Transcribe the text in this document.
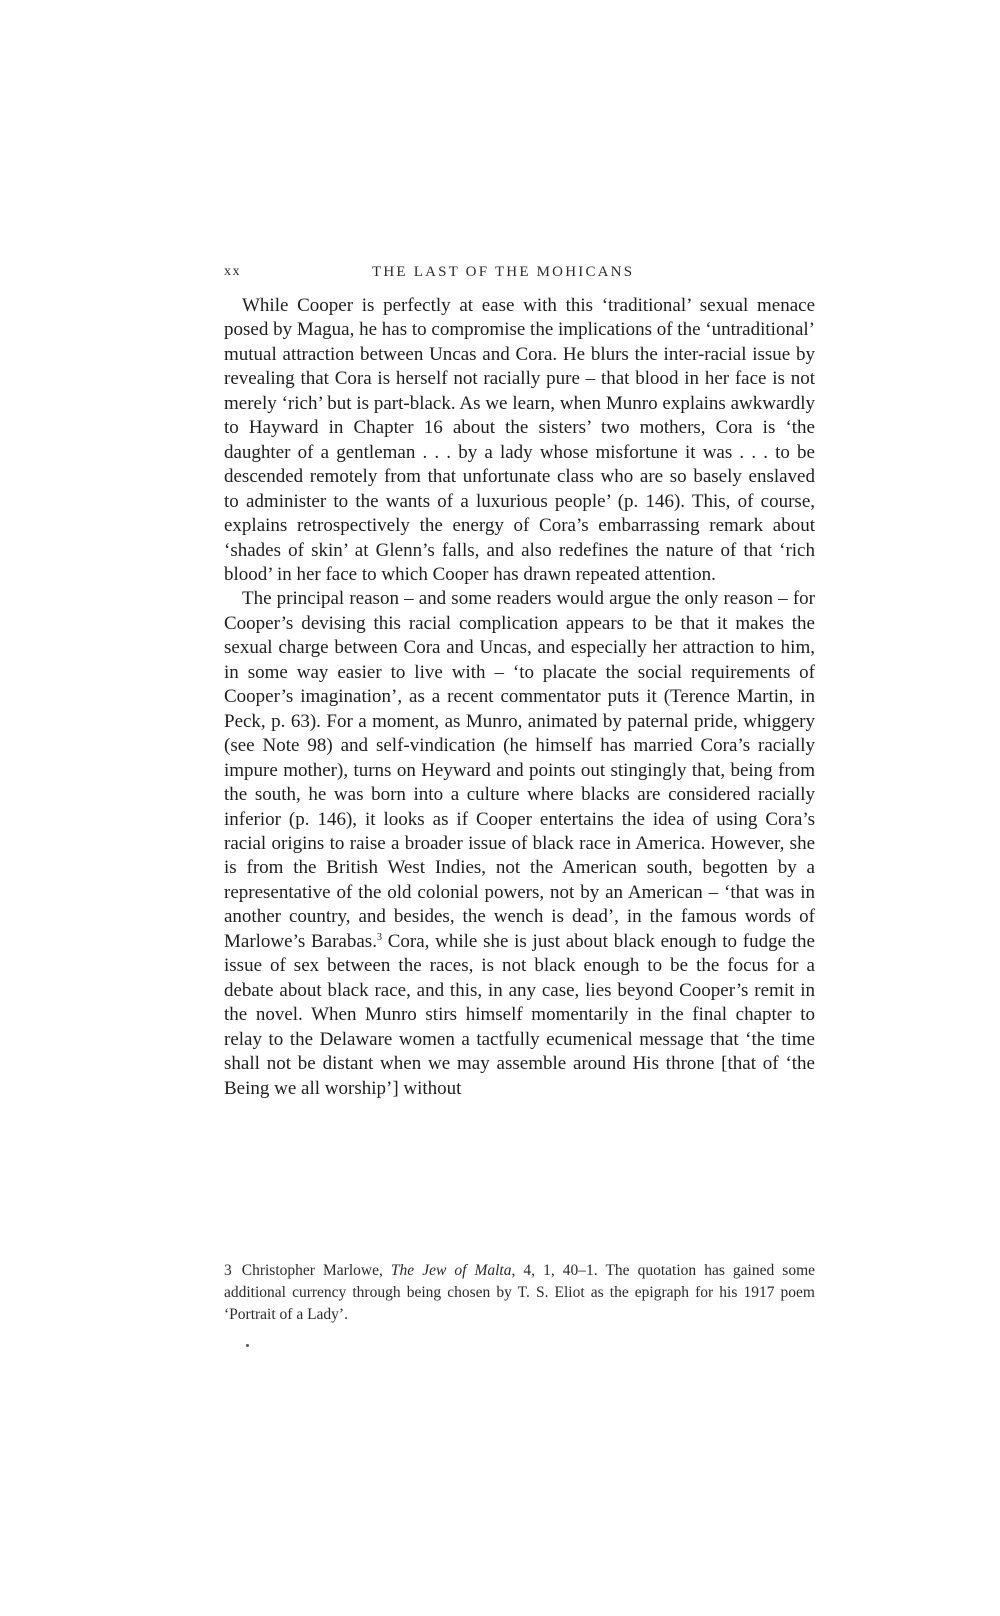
xx	THE LAST OF THE MOHICANS

While Cooper is perfectly at ease with this ‘traditional’ sexual menace posed by Magua, he has to compromise the implications of the ‘untraditional’ mutual attraction between Uncas and Cora. He blurs the inter-racial issue by revealing that Cora is herself not racially pure – that blood in her face is not merely ‘rich’ but is part-black. As we learn, when Munro explains awkwardly to Hayward in Chapter 16 about the sisters’ two mothers, Cora is ‘the daughter of a gentleman . . . by a lady whose misfortune it was . . . to be descended remotely from that unfortunate class who are so basely enslaved to administer to the wants of a luxurious people’ (p. 146). This, of course, explains retrospectively the energy of Cora’s embarrassing remark about ‘shades of skin’ at Glenn’s falls, and also redefines the nature of that ‘rich blood’ in her face to which Cooper has drawn repeated attention.

The principal reason – and some readers would argue the only reason – for Cooper’s devising this racial complication appears to be that it makes the sexual charge between Cora and Uncas, and especially her attraction to him, in some way easier to live with – ‘to placate the social requirements of Cooper’s imagination’, as a recent commentator puts it (Terence Martin, in Peck, p. 63). For a moment, as Munro, animated by paternal pride, whiggery (see Note 98) and self-vindication (he himself has married Cora’s racially impure mother), turns on Heyward and points out stingingly that, being from the south, he was born into a culture where blacks are considered racially inferior (p. 146), it looks as if Cooper entertains the idea of using Cora’s racial origins to raise a broader issue of black race in America. However, she is from the British West Indies, not the American south, begotten by a representative of the old colonial powers, not by an American – ‘that was in another country, and besides, the wench is dead’, in the famous words of Marlowe’s Barabas.$^3$ Cora, while she is just about black enough to fudge the issue of sex between the races, is not black enough to be the focus for a debate about black race, and this, in any case, lies beyond Cooper’s remit in the novel. When Munro stirs himself momentarily in the final chapter to relay to the Delaware women a tactfully ecumenical message that ‘the time shall not be distant when we may assemble around His throne [that of ‘the Being we all worship’] without

3 Christopher Marlowe, The Jew of Malta, 4, 1, 40–1. The quotation has gained some additional currency through being chosen by T. S. Eliot as the epigraph for his 1917 poem ‘Portrait of a Lady’.
